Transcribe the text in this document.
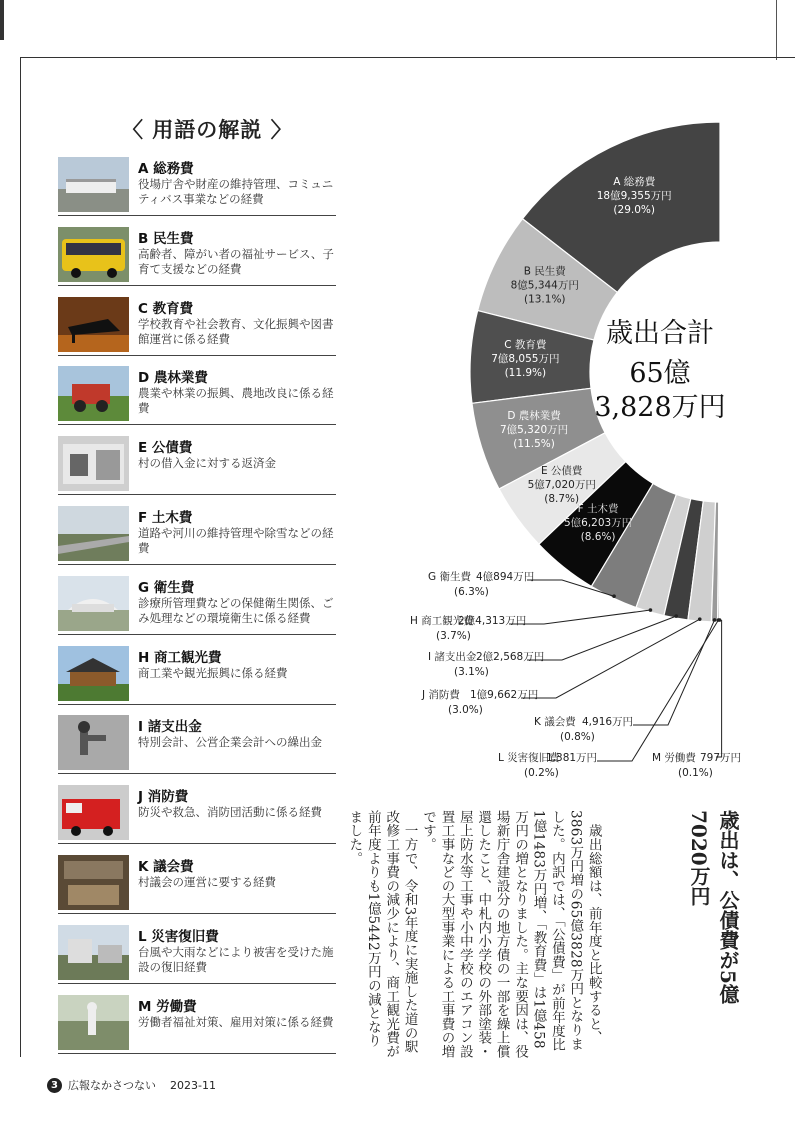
〈 用語の解説 〉
A 総務費
役場庁舎や財産の維持管理、コミュニティバス事業などの経費
B 民生費
高齢者、障がい者の福祉サービス、子育て支援などの経費
C 教育費
学校教育や社会教育、文化振興や図書館運営に係る経費
D 農林業費
農業や林業の振興、農地改良に係る経費
E 公債費
村の借入金に対する返済金
F 土木費
道路や河川の維持管理や除雪などの経費
G 衛生費
診療所管理費などの保健衛生関係、ごみ処理などの環境衛生に係る経費
H 商工観光費
商工業や観光振興に係る経費
I 諸支出金
特別会計、公営企業会計への繰出金
J 消防費
防災や救急、消防団活動に係る経費
K 議会費
村議会の運営に要する経費
L 災害復旧費
台風や大雨などにより被害を受けた施設の復旧経費
M 労働費
労働者福祉対策、雇用対策に係る経費
A 総務費
18億9,355万円
(29.0%)
B 民生費
8億5,344万円
(13.1%)
C 教育費
7億8,055万円
(11.9%)
D 農林業費
7億5,320万円
(11.5%)
E 公債費
5億7,020万円
(8.7%)
F 土木費
5億6,203万円
(8.6%)
G 衛生費 4億894万円
(6.3%)
H 商工観光費
2億4,313万円
(3.7%)
I 諸支出金 2億2,568万円
(3.1%)
J 消防費 1億9,662万円
(3.0%)
K 議会費 4,916万円
(0.8%)
L 災害復旧費
1,381万円
(0.2%)
M 労働費 797万円
(0.1%)
歳出合計
65億
3,828万円
歳出は、公債費が5億7020万円
　歳出総額は、前年度と比較すると、3863万円増の65億3828万円となりました。内訳では、「公債費」が前年度比1億1483万円増、「教育費」は1億458万円の増となりました。主な要因は、役場新庁舎建設分の地方債の一部を繰上償還したこと、中札内小学校の外部塗装・屋上防水等工事や小中学校のエアコン設置工事などの大型事業による工事費の増です。
　一方で、令和3年度に実施した道の駅改修工事費の減少により、商工観光費が前年度よりも1億5442万円の減となりました。
3 広報なかさつない 2023-11
